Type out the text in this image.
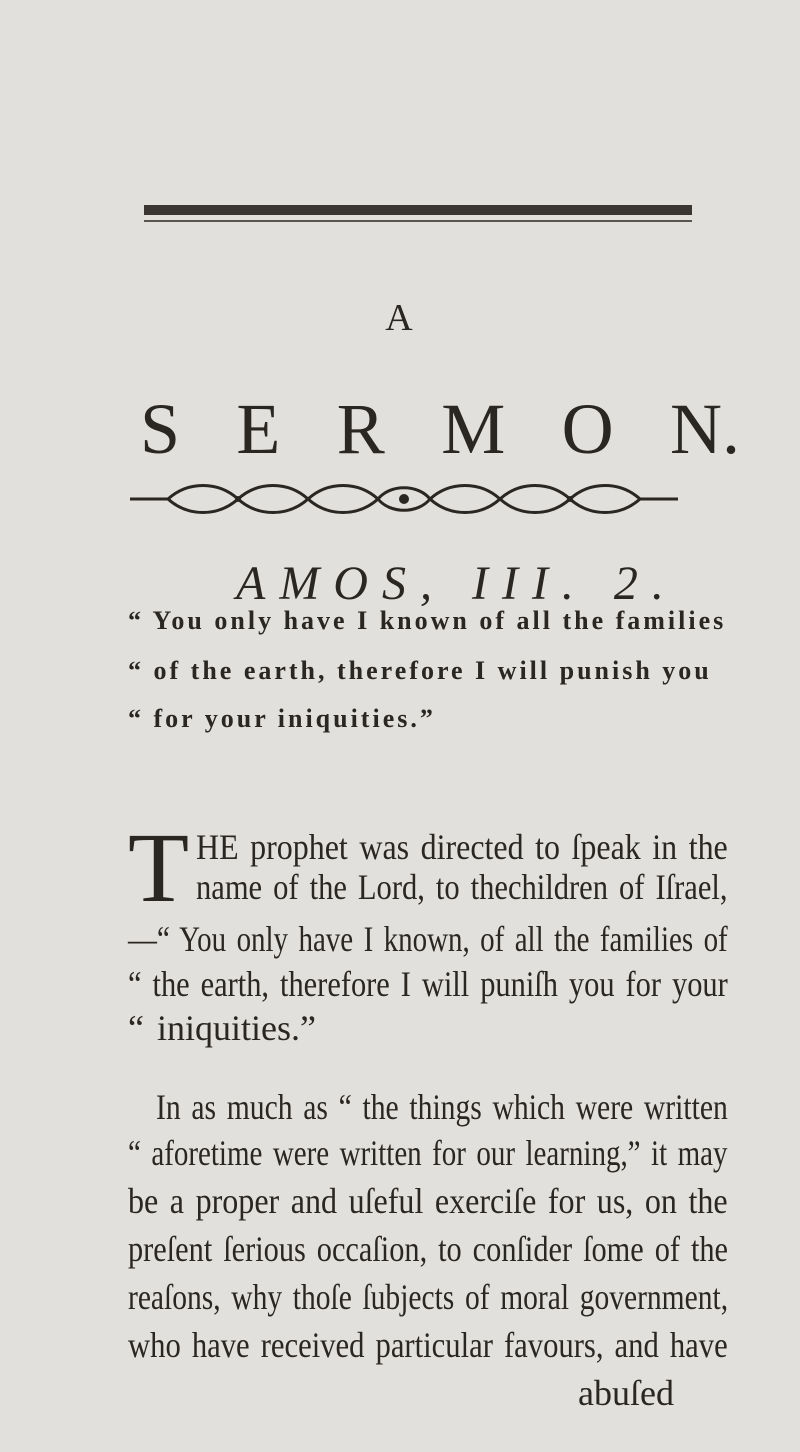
A
S E R M O N.
AMOS, III. 2.
“ You only have I known of all the families
“ of the earth, therefore I will punish you
“ for your iniquities.”
T HE prophet was directed to ſpeak in the
name of the Lord, to thechildren of Iſrael,
—“ You only have I known, of all the families of
“ the earth, therefore I will puniſh you for your
“ iniquities.”
In as much as “ the things which were written
“ aforetime were written for our learning,” it may
be a proper and uſeful exerciſe for us, on the
preſent ſerious occaſion, to conſider ſome of the
reaſons, why thoſe ſubjects of moral government,
who have received particular favours, and have
abuſed
